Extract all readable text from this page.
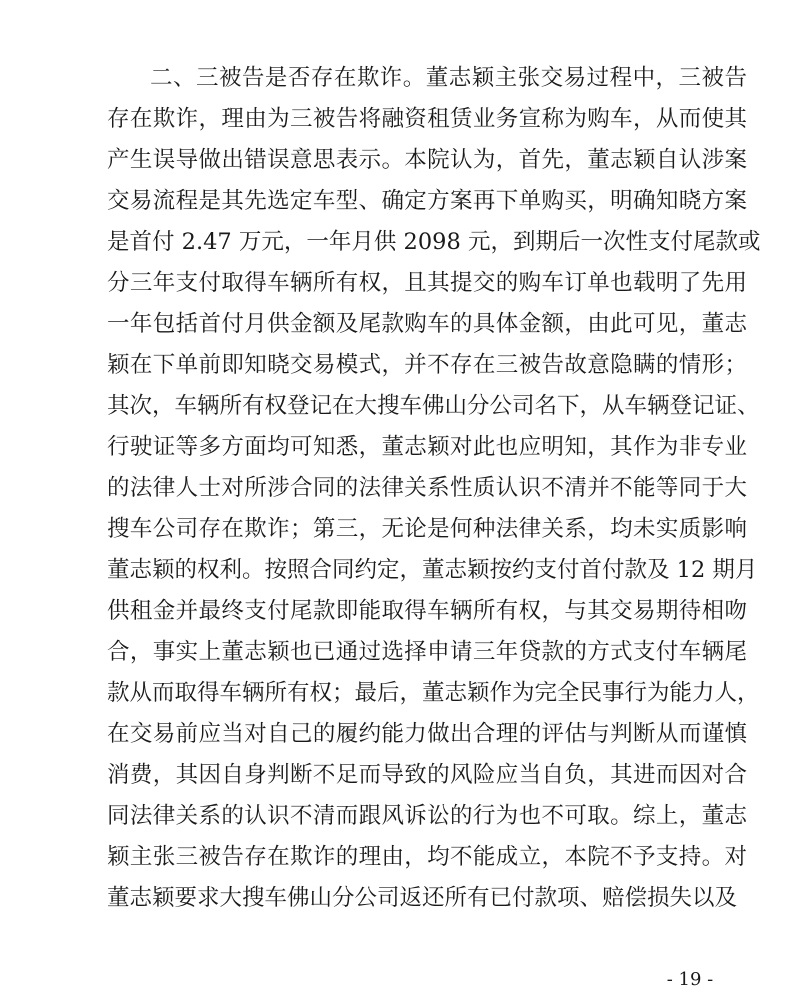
二、三被告是否存在欺诈。董志颖主张交易过程中，三被告
存在欺诈，理由为三被告将融资租赁业务宣称为购车，从而使其
产生误导做出错误意思表示。本院认为，首先，董志颖自认涉案
交易流程是其先选定车型、确定方案再下单购买，明确知晓方案
是首付 2.47 万元，一年月供 2098 元，到期后一次性支付尾款或
分三年支付取得车辆所有权，且其提交的购车订单也载明了先用
一年包括首付月供金额及尾款购车的具体金额，由此可见，董志
颖在下单前即知晓交易模式，并不存在三被告故意隐瞒的情形；
其次，车辆所有权登记在大搜车佛山分公司名下，从车辆登记证、
行驶证等多方面均可知悉，董志颖对此也应明知，其作为非专业
的法律人士对所涉合同的法律关系性质认识不清并不能等同于大
搜车公司存在欺诈；第三，无论是何种法律关系，均未实质影响
董志颖的权利。按照合同约定，董志颖按约支付首付款及 12 期月
供租金并最终支付尾款即能取得车辆所有权，与其交易期待相吻
合，事实上董志颖也已通过选择申请三年贷款的方式支付车辆尾
款从而取得车辆所有权；最后，董志颖作为完全民事行为能力人，
在交易前应当对自己的履约能力做出合理的评估与判断从而谨慎
消费，其因自身判断不足而导致的风险应当自负，其进而因对合
同法律关系的认识不清而跟风诉讼的行为也不可取。综上，董志
颖主张三被告存在欺诈的理由，均不能成立，本院不予支持。对
董志颖要求大搜车佛山分公司返还所有已付款项、赔偿损失以及
- 19 -
